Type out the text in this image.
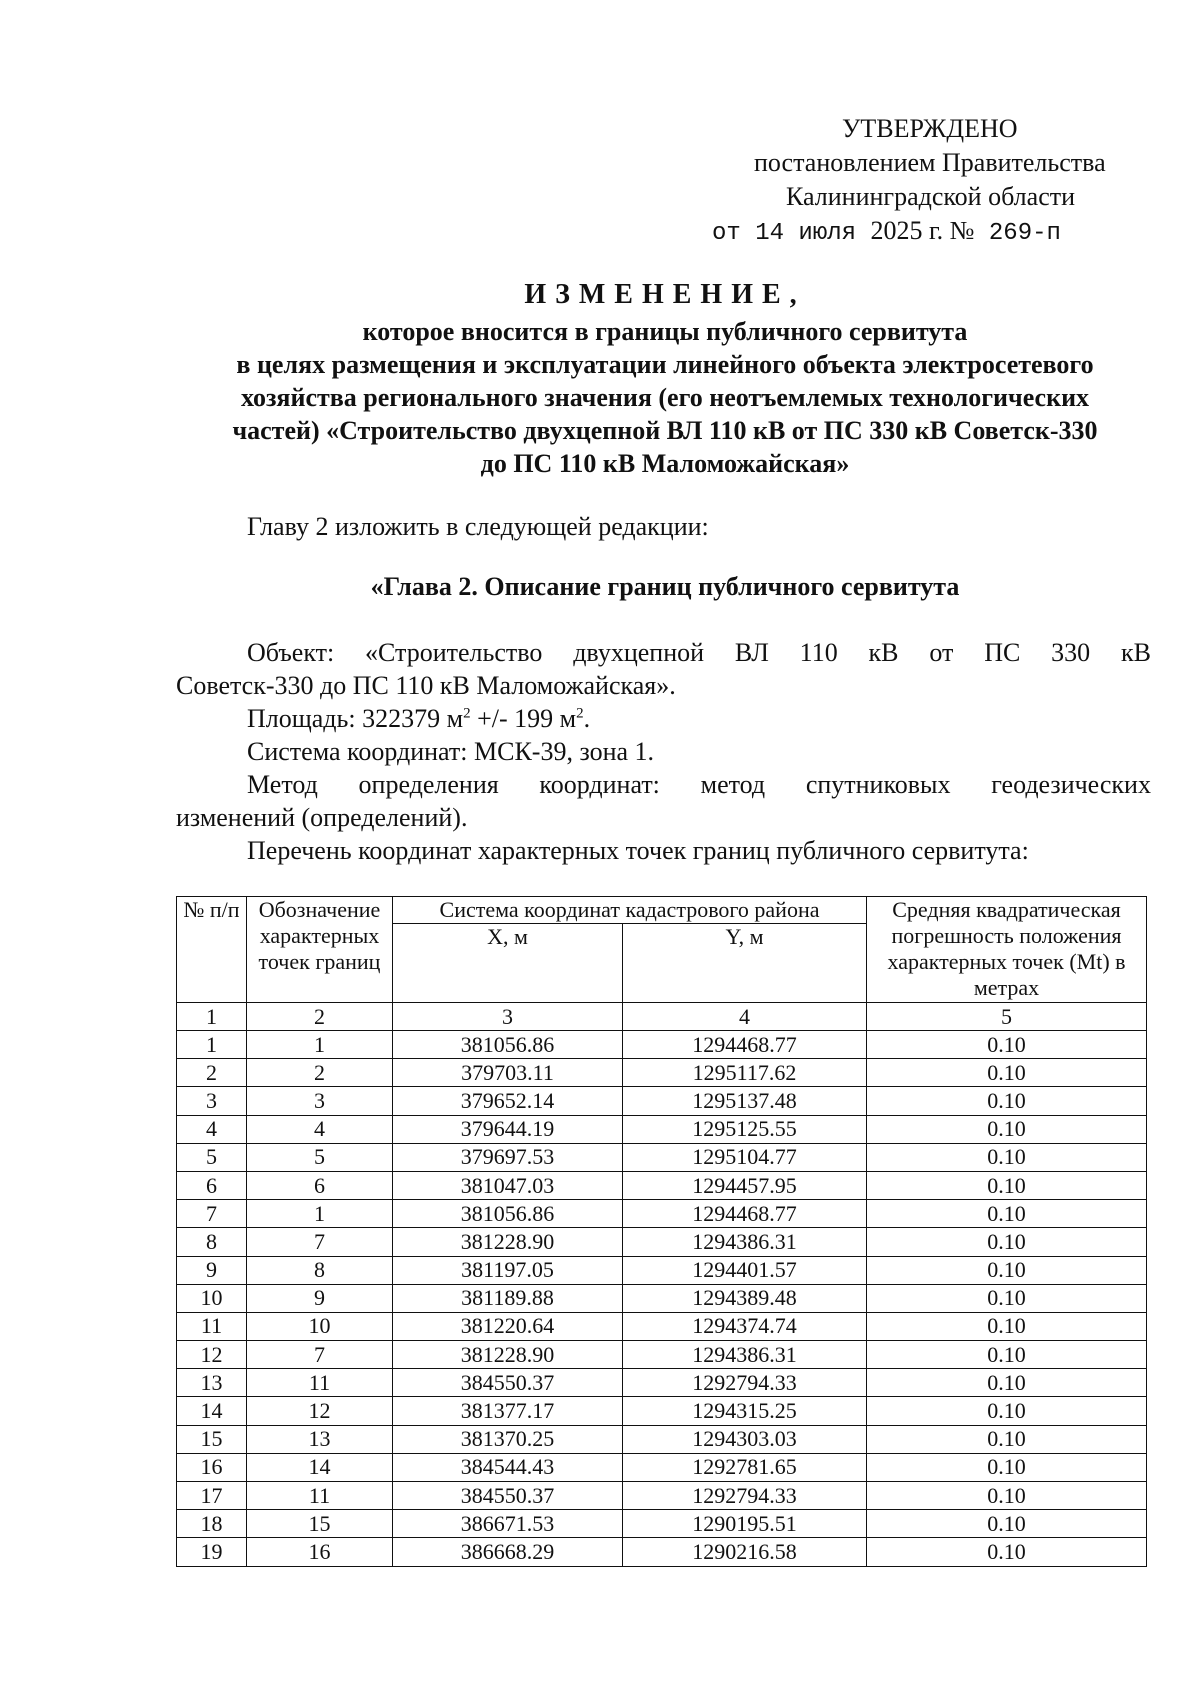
УТВЕРЖДЕНО
постановлением Правительства
Калининградской области
от 14 июля 2025 г. № 269-п
ИЗМЕНЕНИЕ,
которое вносится в границы публичного сервитута
в целях размещения и эксплуатации линейного объекта электросетевого
хозяйства регионального значения (его неотъемлемых технологических
частей) «Строительство двухцепной ВЛ 110 кВ от ПС 330 кВ Советск-330
до ПС 110 кВ Маломожайская»
Главу 2 изложить в следующей редакции:
«Глава 2. Описание границ публичного сервитута
Объект: «Строительство двухцепной ВЛ 110 кВ от ПС 330 кВ
Советск-330 до ПС 110 кВ Маломожайская».
Площадь: 322379 $м^2$ +/- 199 $м^2$.
Система координат: МСК-39, зона 1.
Метод определения координат: метод спутниковых геодезических
изменений (определений).
Перечень координат характерных точек границ публичного сервитута:
№ п/п	Обозначение характерных точек границ	Система координат кадастрового района		Средняя квадратическая погрешность положения характерных точек (Mt) в метрах
		X, м	Y, м	
1	2	3	4	5
1	1	381056.86	1294468.77	0.10
2	2	379703.11	1295117.62	0.10
3	3	379652.14	1295137.48	0.10
4	4	379644.19	1295125.55	0.10
5	5	379697.53	1295104.77	0.10
6	6	381047.03	1294457.95	0.10
7	1	381056.86	1294468.77	0.10
8	7	381228.90	1294386.31	0.10
9	8	381197.05	1294401.57	0.10
10	9	381189.88	1294389.48	0.10
11	10	381220.64	1294374.74	0.10
12	7	381228.90	1294386.31	0.10
13	11	384550.37	1292794.33	0.10
14	12	381377.17	1294315.25	0.10
15	13	381370.25	1294303.03	0.10
16	14	384544.43	1292781.65	0.10
17	11	384550.37	1292794.33	0.10
18	15	386671.53	1290195.51	0.10
19	16	386668.29	1290216.58	0.10
